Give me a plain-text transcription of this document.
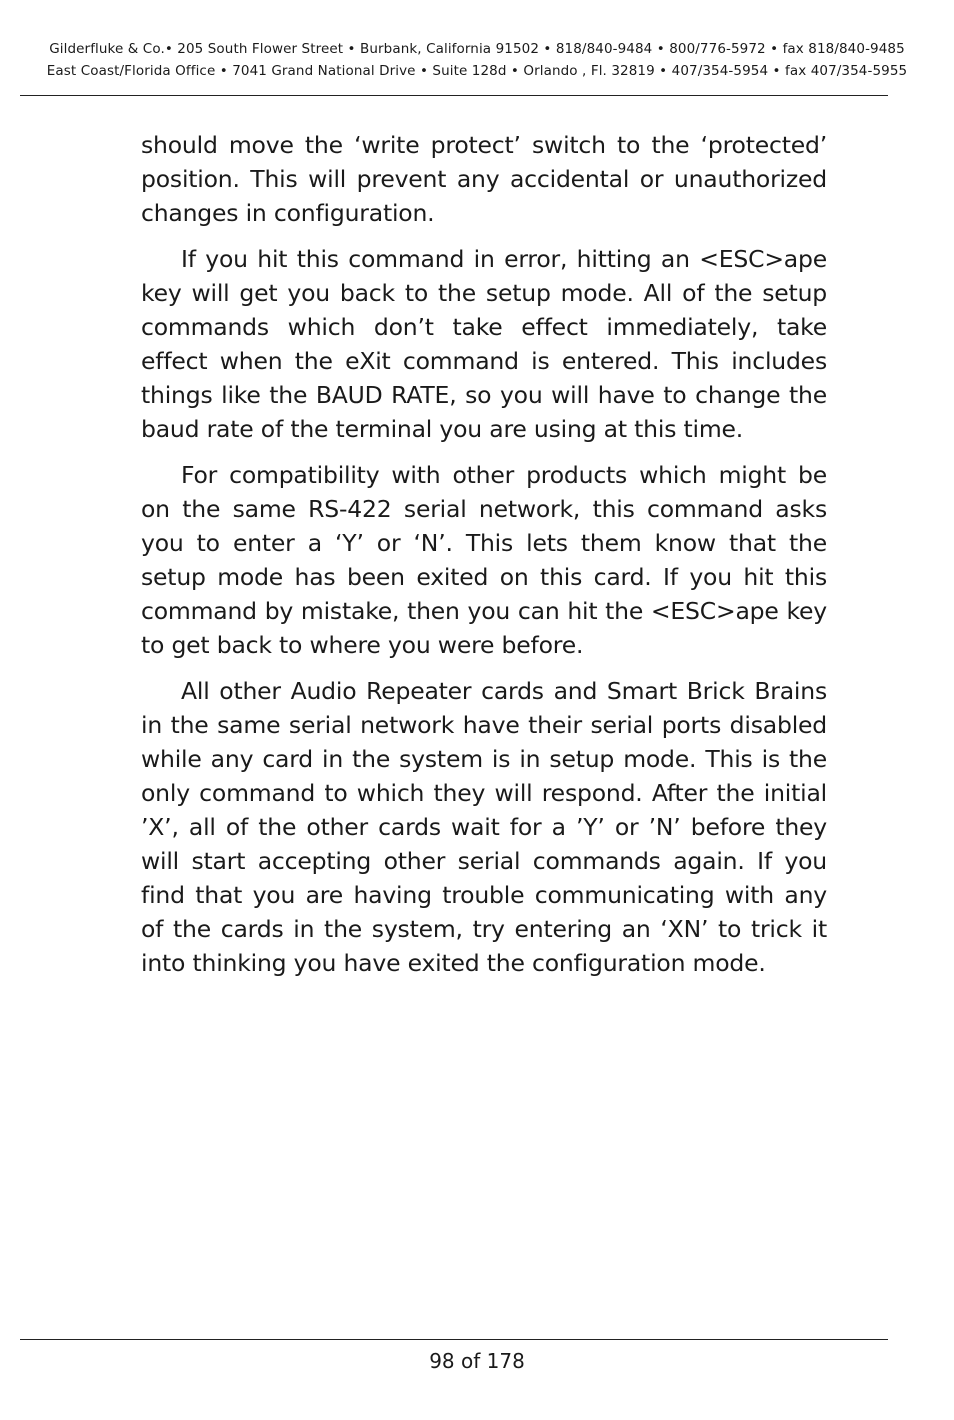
Gilderfluke & Co.• 205 South Flower Street • Burbank, California 91502 • 818/840-9484 • 800/776-5972 • fax 818/840-9485
East Coast/Florida Office • 7041 Grand National Drive • Suite 128d • Orlando , Fl. 32819 • 407/354-5954 • fax 407/354-5955

should move the ‘write protect’ switch to the ‘protected’ position. This will prevent any accidental or unauthorized changes in configuration.

If you hit this command in error, hitting an <ESC>ape key will get you back to the setup mode. All of the setup commands which don’t take effect immediately, take effect when the eXit command is entered. This includes things like the BAUD RATE, so you will have to change the baud rate of the terminal you are using at this time.

For compatibility with other products which might be on the same RS-422 serial network, this command asks you to enter a ‘Y’ or ‘N’. This lets them know that the setup mode has been exited on this card. If you hit this command by mistake, then you can hit the <ESC>ape key to get back to where you were before.

All other Audio Repeater cards and Smart Brick Brains in the same serial network have their serial ports disabled while any card in the system is in setup mode. This is the only command to which they will respond. After the initial ’X’, all of the other cards wait for a ’Y’ or ’N’ before they will start accepting other serial commands again. If you find that you are having trouble communicating with any of the cards in the system, try entering an ‘XN’ to trick it into thinking you have exited the configuration mode.

98 of 178
